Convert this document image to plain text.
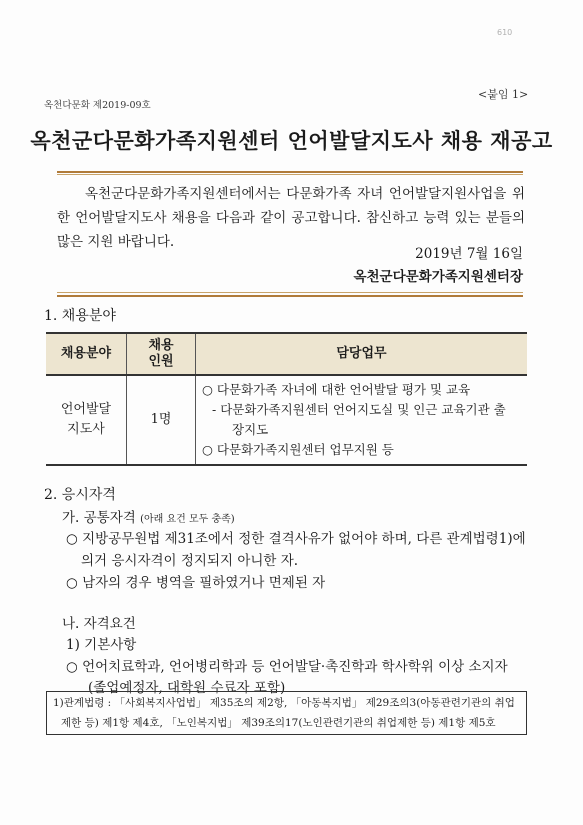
610
<붙임 1>
옥천다문화 제2019-09호
옥천군다문화가족지원센터 언어발달지도사 채용 재공고

옥천군다문화가족지원센터에서는 다문화가족 자녀 언어발달지원사업을 위한 언어발달지도사 채용을 다음과 같이 공고합니다. 참신하고 능력 있는 분들의 많은 지원 바랍니다.

2019년 7월 16일
옥천군다문화가족지원센터장
1. 채용분야
채용분야	채용 인원	담당업무
언어발달 지도사	1명	○ 다문화가족 자녀에 대한 언어발달 평가 및 교육
- 다문화가족지원센터 언어지도실 및 인근 교육기관 출
장지도
○ 다문화가족지원센터 업무지원 등
2. 응시자격
가. 공통자격 (아래 요건 모두 충족)
○ 지방공무원법 제31조에서 정한 결격사유가 없어야 하며, 다른 관계법령1)에
의거 응시자격이 정지되지 아니한 자.
○ 남자의 경우 병역을 필하였거나 면제된 자
나. 자격요건
1) 기본사항
○ 언어치료학과, 언어병리학과 등 언어발달·촉진학과 학사학위 이상 소지자
(졸업예정자, 대학원 수료자 포함)
1)관계법령 : 「사회복지사업법」 제35조의 제2항, 「아동복지법」 제29조의3(아동관련기관의 취업
제한 등) 제1항 제4호, 「노인복지법」 제39조의17(노인관련기관의 취업제한 등) 제1항 제5호
